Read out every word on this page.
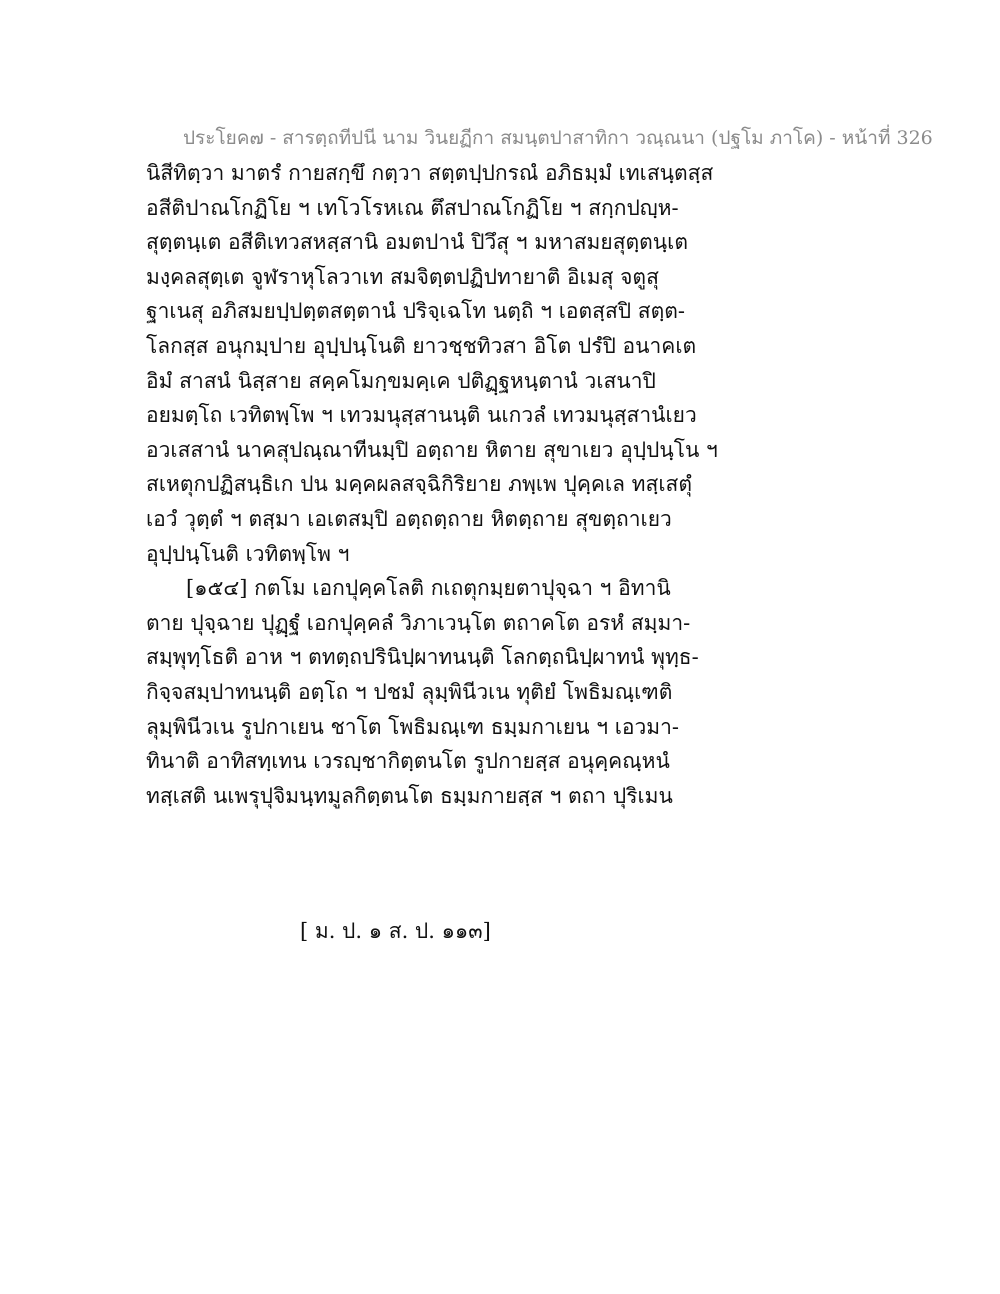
ประโยค๗ - สารตฺถทีปนี นาม วินยฏีกา สมนฺตปาสาทิกา วณฺณนา (ปฐโม ภาโค) - หน้าที่ 326
นิสีทิตฺวา มาตรํ กายสกฺขึ กตฺวา สตฺตปฺปกรณํ อภิธมฺมํ เทเสนฺตสฺส
อสีติปาณโกฏิโย ฯ เทโวโรหเณ ตึสปาณโกฏิโย ฯ สกฺกปญฺห-
สุตฺตนฺเต อสีติเทวสหสฺสานิ อมตปานํ ปิวึสุ ฯ มหาสมยสุตฺตนฺเต
มงฺคลสุตฺเต จูฬราหุโลวาเท สมจิตฺตปฏิปทายาติ อิเมสุ จตูสุ
ฐาเนสุ อภิสมยปฺปตฺตสตฺตานํ ปริจฺเฉโท นตฺถิ ฯ เอตสฺสปิ สตฺต-
โลกสฺส อนุกมฺปาย อุปฺปนฺโนติ ยาวชฺชทิวสา อิโต ปรํปิ อนาคเต
อิมํ สาสนํ นิสฺสาย สคฺคโมกฺขมคฺเค ปติฏฺฐหนฺตานํ วเสนาปิ
อยมตฺโถ เวทิตพฺโพ ฯ เทวมนุสฺสานนฺติ นเกวลํ เทวมนุสฺสานํเยว
อวเสสานํ นาคสุปณฺณาทีนมฺปิ อตฺถาย หิตาย สุขาเยว อุปฺปนฺโน ฯ
สเหตุกปฏิสนฺธิเก ปน มคฺคผลสจฺฉิกิริยาย ภพฺเพ ปุคฺคเล ทสฺเสตุํ
เอวํ วุตฺตํ ฯ ตสฺมา เอเตสมฺปิ อตฺถตฺถาย หิตตฺถาย สุขตฺถาเยว
อุปฺปนฺโนติ เวทิตพฺโพ ฯ
[๑๕๔] กตโม เอกปุคฺคโลติ กเถตุกมฺยตาปุจฺฉา ฯ อิทานิ
ตาย ปุจฺฉาย ปุฏฺฐํ เอกปุคฺคลํ วิภาเวนฺโต ตถาคโต อรหํ สมฺมา-
สมฺพุทฺโธติ อาห ฯ ตทตฺถปรินิปฺผาทนนฺติ โลกตฺถนิปฺผาทนํ พุทฺธ-
กิจฺจสมฺปาทนนฺติ อตฺโถ ฯ ปชมํ ลุมฺพินีวเน ทุติยํ โพธิมณฺเฑติ
ลุมฺพินีวเน รูปกาเยน ชาโต โพธิมณฺเฑ ธมฺมกาเยน ฯ เอวมา-
ทินาติ อาทิสทฺเทน เวรญฺชากิตฺตนโต รูปกายสฺส อนุคฺคณฺหนํ
ทสฺเสติ นเพรุปุจิมนฺทมูลกิตฺตนโต ธมฺมกายสฺส ฯ ตถา ปุริเมน
[ ม. ป. ๑ ส. ป. ๑๑๓]
